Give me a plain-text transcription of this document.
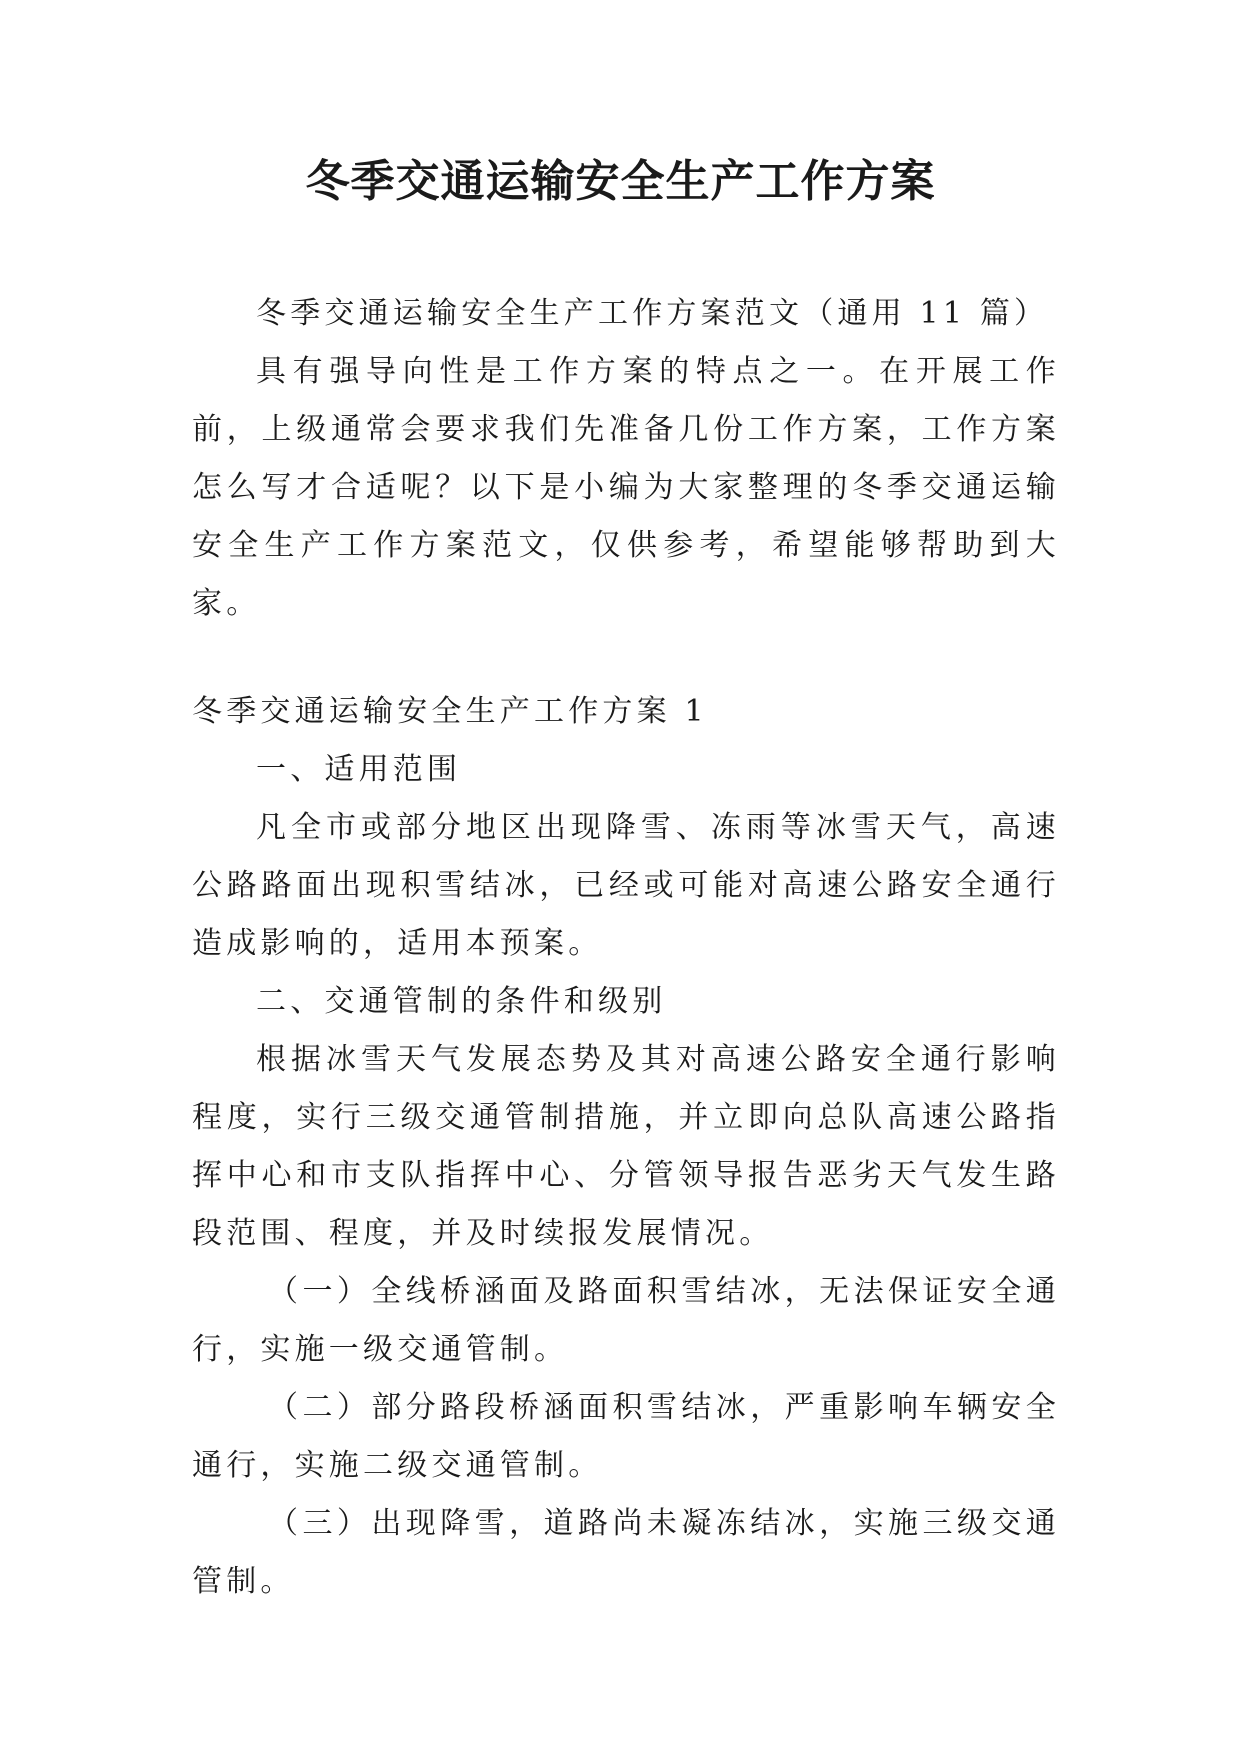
冬季交通运输安全生产工作方案

冬季交通运输安全生产工作方案范文（通用 11 篇）

具有强导向性是工作方案的特点之一。在开展工作前，上级通常会要求我们先准备几份工作方案，工作方案怎么写才合适呢？以下是小编为大家整理的冬季交通运输安全生产工作方案范文，仅供参考，希望能够帮助到大家。

冬季交通运输安全生产工作方案 1

一、适用范围

凡全市或部分地区出现降雪、冻雨等冰雪天气，高速公路路面出现积雪结冰，已经或可能对高速公路安全通行造成影响的，适用本预案。

二、交通管制的条件和级别

根据冰雪天气发展态势及其对高速公路安全通行影响程度，实行三级交通管制措施，并立即向总队高速公路指挥中心和市支队指挥中心、分管领导报告恶劣天气发生路段范围、程度，并及时续报发展情况。

（一）全线桥涵面及路面积雪结冰，无法保证安全通行，实施一级交通管制。

（二）部分路段桥涵面积雪结冰，严重影响车辆安全通行，实施二级交通管制。

（三）出现降雪，道路尚未凝冻结冰，实施三级交通管制。
